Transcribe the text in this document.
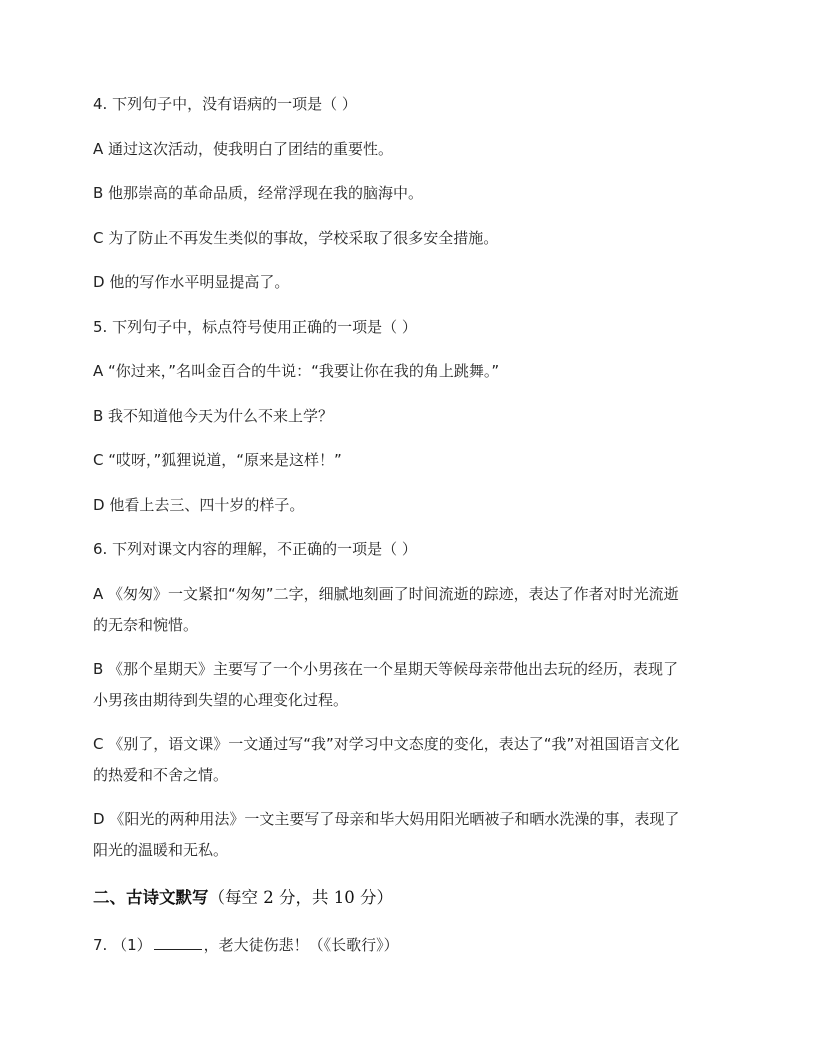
4. 下列句子中，没有语病的一项是（ ）
A 通过这次活动，使我明白了团结的重要性。
B 他那崇高的革命品质，经常浮现在我的脑海中。
C 为了防止不再发生类似的事故，学校采取了很多安全措施。
D 他的写作水平明显提高了。
5. 下列句子中，标点符号使用正确的一项是（ ）
A “你过来，”名叫金百合的牛说：“我要让你在我的角上跳舞。”
B 我不知道他今天为什么不来上学？
C “哎呀，”狐狸说道，“原来是这样！”
D 他看上去三、四十岁的样子。
6. 下列对课文内容的理解，不正确的一项是（ ）
A 《匆匆》一文紧扣“匆匆”二字，细腻地刻画了时间流逝的踪迹，表达了作者对时光流逝
的无奈和惋惜。
B 《那个星期天》主要写了一个小男孩在一个星期天等候母亲带他出去玩的经历，表现了
小男孩由期待到失望的心理变化过程。
C 《别了，语文课》一文通过写“我”对学习中文态度的变化，表达了“我”对祖国语言文化
的热爱和不舍之情。
D 《阳光的两种用法》一文主要写了母亲和毕大妈用阳光晒被子和晒水洗澡的事，表现了
阳光的温暖和无私。
二、古诗文默写（每空 2 分，共 10 分）
7. （1）	，老大徒伤悲！（《长歌行》）
